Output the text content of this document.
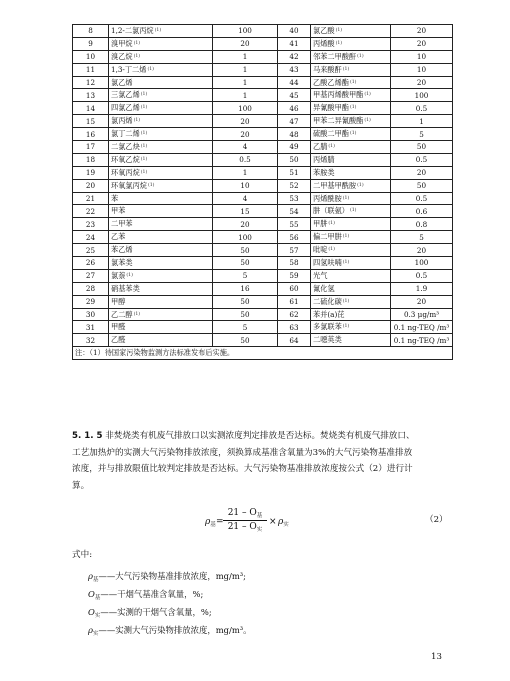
8	1,2-二氯丙烷$^{(1)}$	100	40	氯乙酸$^{(1)}$	20
9	溴甲烷$^{(1)}$	20	41	丙烯酸$^{(1)}$	20
10	溴乙烷$^{(1)}$	1	42	邻苯二甲酸酐$^{(1)}$	10
11	1,3-丁二烯$^{(1)}$	1	43	马来酸酐$^{(1)}$	10
12	氯乙烯	1	44	乙酸乙烯酯$^{(1)}$	20
13	三氯乙烯$^{(1)}$	1	45	甲基丙烯酸甲酯$^{(1)}$	100
14	四氯乙烯$^{(1)}$	100	46	异氰酸甲酯$^{(1)}$	0.5
15	氯丙烯$^{(1)}$	20	47	甲苯二异氰酸酯$^{(1)}$	1
16	氯丁二烯$^{(1)}$	20	48	硫酸二甲酯$^{(1)}$	5
17	二氯乙炔$^{(1)}$	4	49	乙腈$^{(1)}$	50
18	环氧乙烷$^{(1)}$	0.5	50	丙烯腈	0.5
19	环氧丙烷$^{(1)}$	1	51	苯胺类	20
20	环氧氯丙烷$^{(1)}$	10	52	二甲基甲酰胺$^{(1)}$	50
21	苯	4	53	丙烯酰胺$^{(1)}$	0.5
22	甲苯	15	54	肼（联氨）$^{(1)}$	0.6
23	二甲苯	20	55	甲肼$^{(1)}$	0.8
24	乙苯	100	56	偏二甲肼$^{(1)}$	5
25	苯乙烯	50	57	吡啶$^{(1)}$	20
26	氯苯类	50	58	四氢呋喃$^{(1)}$	100
27	氯萘$^{(1)}$	5	59	光气	0.5
28	硝基苯类	16	60	氰化氢	1.9
29	甲醇	50	61	二硫化碳$^{(1)}$	20
30	乙二醇$^{(1)}$	50	62	苯并(a)芘	0.3 μg/m³
31	甲醛	5	63	多氯联苯$^{(1)}$	0.1 ng-TEQ /m³
32	乙醛	50	64	二噁英类	0.1 ng-TEQ /m³
注：（1）待国家污染物监测方法标准发布后实施。					
5. 1. 5 非焚烧类有机废气排放口以实测浓度判定排放是否达标。焚烧类有机废气排放口、
工艺加热炉的实测大气污染物排放浓度，须换算成基准含氧量为3%的大气污染物基准排放
浓度，并与排放限值比较判定排放是否达标。大气污染物基准排放浓度按公式（2）进行计
算。
$\rho_基$ =
$21 - O_基$
$21 - O_实$
× $\rho_实$	（2）
式中:
$\rho_基——$大气污染物基准排放浓度，mg/m³;
$O_基——$干烟气基准含氧量，%;
$O_实——$实测的干烟气含氧量，%;
$\rho_实——$实测大气污染物排放浓度，mg/m³。
13
